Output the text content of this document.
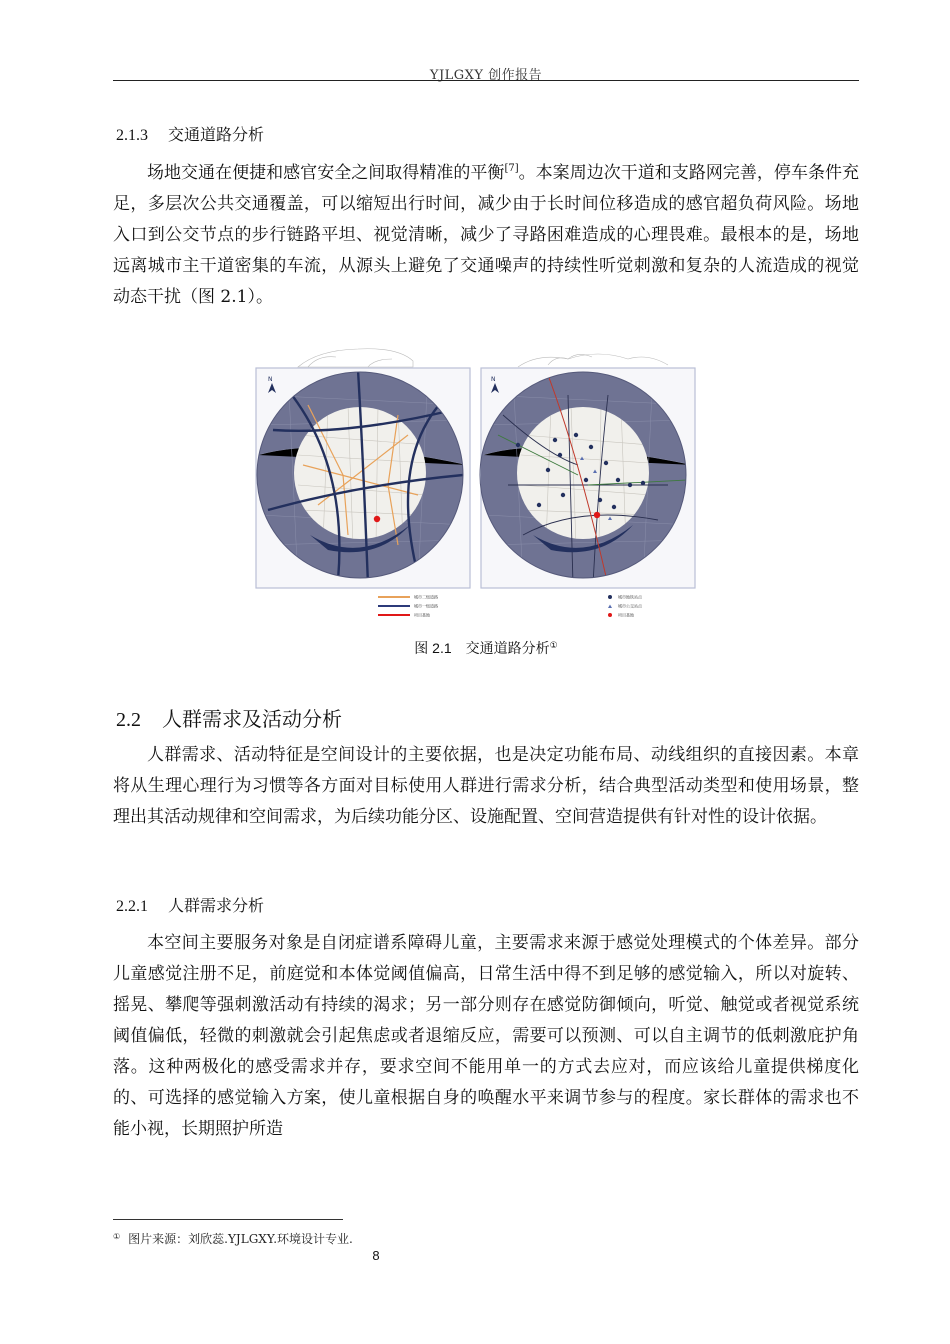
YJLGXY 创作报告
2.1.3 交通道路分析
场地交通在便捷和感官安全之间取得精准的平衡[7]。本案周边次干道和支路网完善，停车条件充足，多层次公共交通覆盖，可以缩短出行时间，减少由于长时间位移造成的感官超负荷风险。场地入口到公交节点的步行链路平坦、视觉清晰，减少了寻路困难造成的心理畏难。最根本的是，场地远离城市主干道密集的车流，从源头上避免了交通噪声的持续性听觉刺激和复杂的人流造成的视觉动态干扰（图 2.1）。
N
城市二级道路
城市一级道路
项目基地
N
城市地铁站点
城市公交站点
项目基地
图 2.1 交通道路分析①
2.2 人群需求及活动分析
人群需求、活动特征是空间设计的主要依据，也是决定功能布局、动线组织的直接因素。本章将从生理心理行为习惯等各方面对目标使用人群进行需求分析，结合典型活动类型和使用场景，整理出其活动规律和空间需求，为后续功能分区、设施配置、空间营造提供有针对性的设计依据。
2.2.1 人群需求分析
本空间主要服务对象是自闭症谱系障碍儿童，主要需求来源于感觉处理模式的个体差异。部分儿童感觉注册不足，前庭觉和本体觉阈值偏高，日常生活中得不到足够的感觉输入，所以对旋转、摇晃、攀爬等强刺激活动有持续的渴求；另一部分则存在感觉防御倾向，听觉、触觉或者视觉系统阈值偏低，轻微的刺激就会引起焦虑或者退缩反应，需要可以预测、可以自主调节的低刺激庇护角落。这种两极化的感受需求并存，要求空间不能用单一的方式去应对，而应该给儿童提供梯度化的、可选择的感觉输入方案，使儿童根据自身的唤醒水平来调节参与的程度。家长群体的需求也不能小视，长期照护所造
① 图片来源：刘欣蕊.YJLGXY.环境设计专业.
8
